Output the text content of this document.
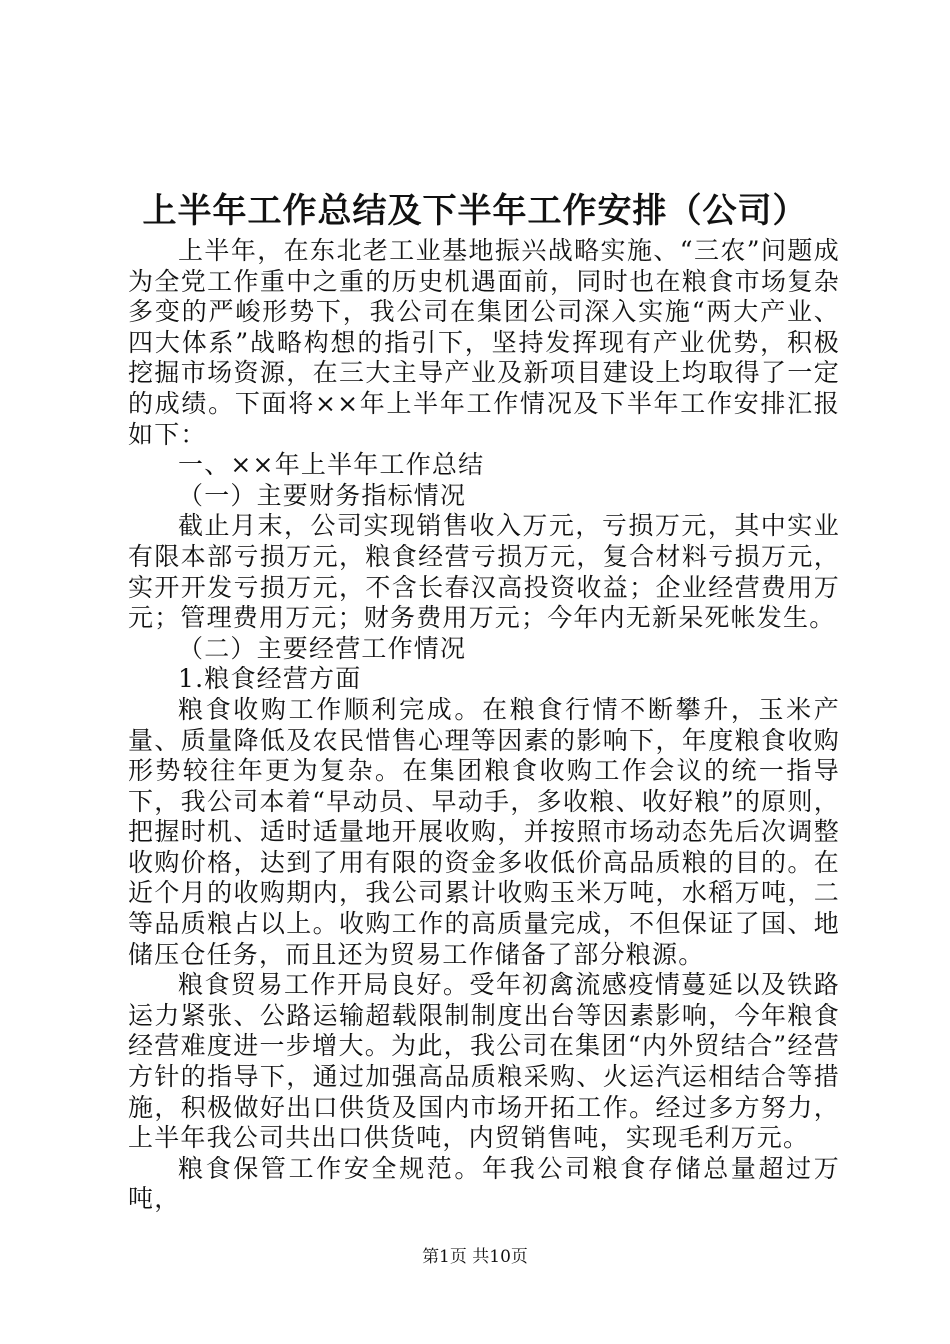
上半年工作总结及下半年工作安排（公司）

上半年，在东北老工业基地振兴战略实施、“三农”问题成为全党工作重中之重的历史机遇面前，同时也在粮食市场复杂多变的严峻形势下，我公司在集团公司深入实施“两大产业、四大体系”战略构想的指引下，坚持发挥现有产业优势，积极挖掘市场资源，在三大主导产业及新项目建设上均取得了一定的成绩。下面将××年上半年工作情况及下半年工作安排汇报如下：

一、××年上半年工作总结

（一）主要财务指标情况

截止月末，公司实现销售收入万元，亏损万元，其中实业有限本部亏损万元，粮食经营亏损万元，复合材料亏损万元，实开开发亏损万元，不含长春汉高投资收益；企业经营费用万元；管理费用万元；财务费用万元；今年内无新呆死帐发生。

（二）主要经营工作情况

1.粮食经营方面

粮食收购工作顺利完成。在粮食行情不断攀升，玉米产量、质量降低及农民惜售心理等因素的影响下，年度粮食收购形势较往年更为复杂。在集团粮食收购工作会议的统一指导下，我公司本着“早动员、早动手，多收粮、收好粮”的原则，把握时机、适时适量地开展收购，并按照市场动态先后次调整收购价格，达到了用有限的资金多收低价高品质粮的目的。在近个月的收购期内，我公司累计收购玉米万吨，水稻万吨，二等品质粮占以上。收购工作的高质量完成，不但保证了国、地储压仓任务，而且还为贸易工作储备了部分粮源。

粮食贸易工作开局良好。受年初禽流感疫情蔓延以及铁路运力紧张、公路运输超载限制制度出台等因素影响，今年粮食经营难度进一步增大。为此，我公司在集团“内外贸结合”经营方针的指导下，通过加强高品质粮采购、火运汽运相结合等措施，积极做好出口供货及国内市场开拓工作。经过多方努力，上半年我公司共出口供货吨，内贸销售吨，实现毛利万元。

粮食保管工作安全规范。年我公司粮食存储总量超过万吨，

第1页 共10页
